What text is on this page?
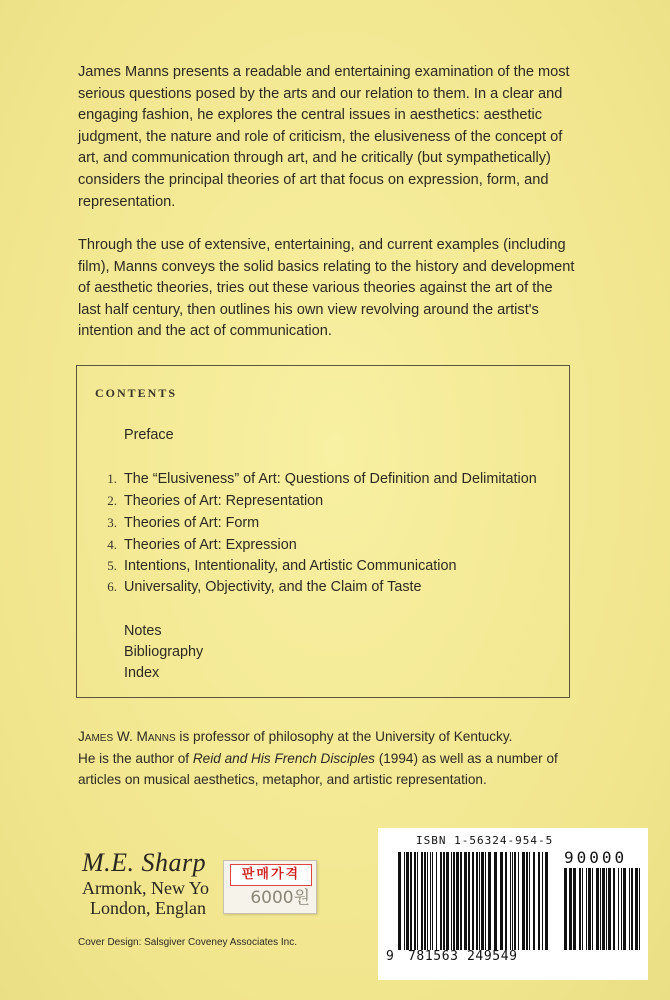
James Manns presents a readable and entertaining examination of the most serious questions posed by the arts and our relation to them. In a clear and engaging fashion, he explores the central issues in aesthetics: aesthetic judgment, the nature and role of criticism, the elusiveness of the concept of art, and communication through art, and he critically (but sympathetically) considers the principal theories of art that focus on expression, form, and representation.

Through the use of extensive, entertaining, and current examples (including film), Manns conveys the solid basics relating to the history and development of aesthetic theories, tries out these various theories against the art of the last half century, then outlines his own view revolving around the artist's intention and the act of communication.

CONTENTS
Preface
1. The “Elusiveness” of Art: Questions of Definition and Delimitation
2. Theories of Art: Representation
3. Theories of Art: Form
4. Theories of Art: Expression
5. Intentions, Intentionality, and Artistic Communication
6. Universality, Objectivity, and the Claim of Taste
Notes
Bibliography
Index

James W. Manns is professor of philosophy at the University of Kentucky.
He is the author of Reid and His French Disciples (1994) as well as a number of articles on musical aesthetics, metaphor, and artistic representation.

M.E. Sharp
Armonk, New Yo
London, Englan
판매가격
6000원
Cover Design: Salsgiver Coveney Associates Inc.
ISBN 1-56324-954-5
90000
9 781563 249549
